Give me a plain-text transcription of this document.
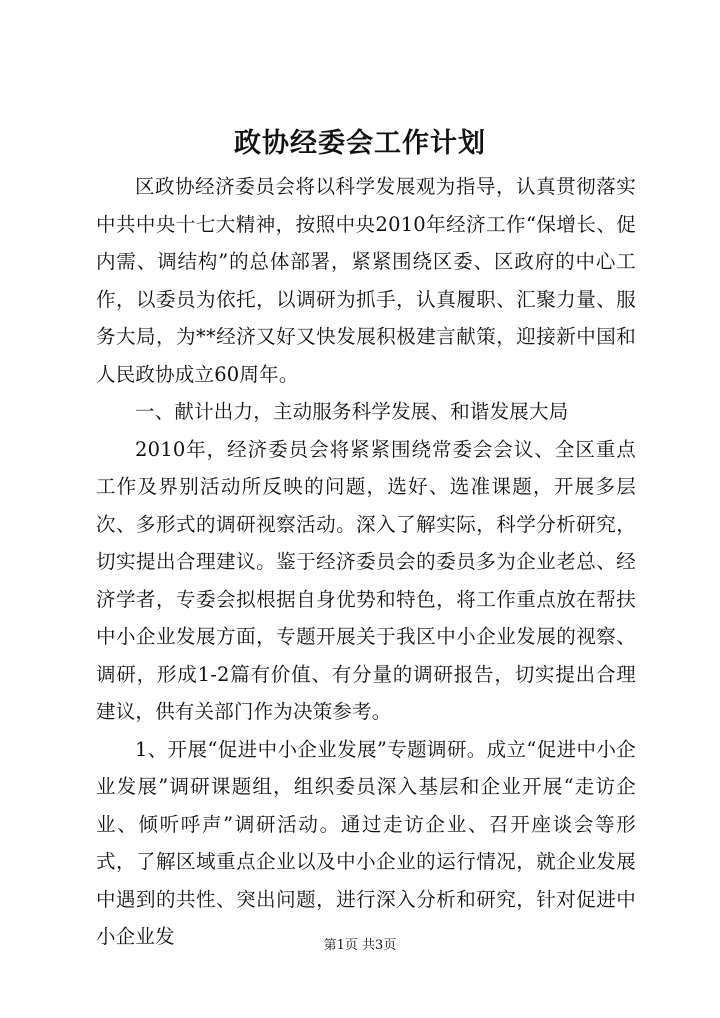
政协经委会工作计划

区政协经济委员会将以科学发展观为指导，认真贯彻落实中共中央十七大精神，按照中央2010年经济工作“保增长、促内需、调结构”的总体部署，紧紧围绕区委、区政府的中心工作，以委员为依托，以调研为抓手，认真履职、汇聚力量、服务大局，为**经济又好又快发展积极建言献策，迎接新中国和人民政协成立60周年。

一、献计出力，主动服务科学发展、和谐发展大局

2010年，经济委员会将紧紧围绕常委会会议、全区重点工作及界别活动所反映的问题，选好、选准课题，开展多层次、多形式的调研视察活动。深入了解实际，科学分析研究，切实提出合理建议。鉴于经济委员会的委员多为企业老总、经济学者，专委会拟根据自身优势和特色，将工作重点放在帮扶中小企业发展方面，专题开展关于我区中小企业发展的视察、调研，形成1-2篇有价值、有分量的调研报告，切实提出合理建议，供有关部门作为决策参考。

1、开展“促进中小企业发展”专题调研。成立“促进中小企业发展”调研课题组，组织委员深入基层和企业开展“走访企业、倾听呼声”调研活动。通过走访企业、召开座谈会等形式，了解区域重点企业以及中小企业的运行情况，就企业发展中遇到的共性、突出问题，进行深入分析和研究，针对促进中小企业发	第1页 共3页
